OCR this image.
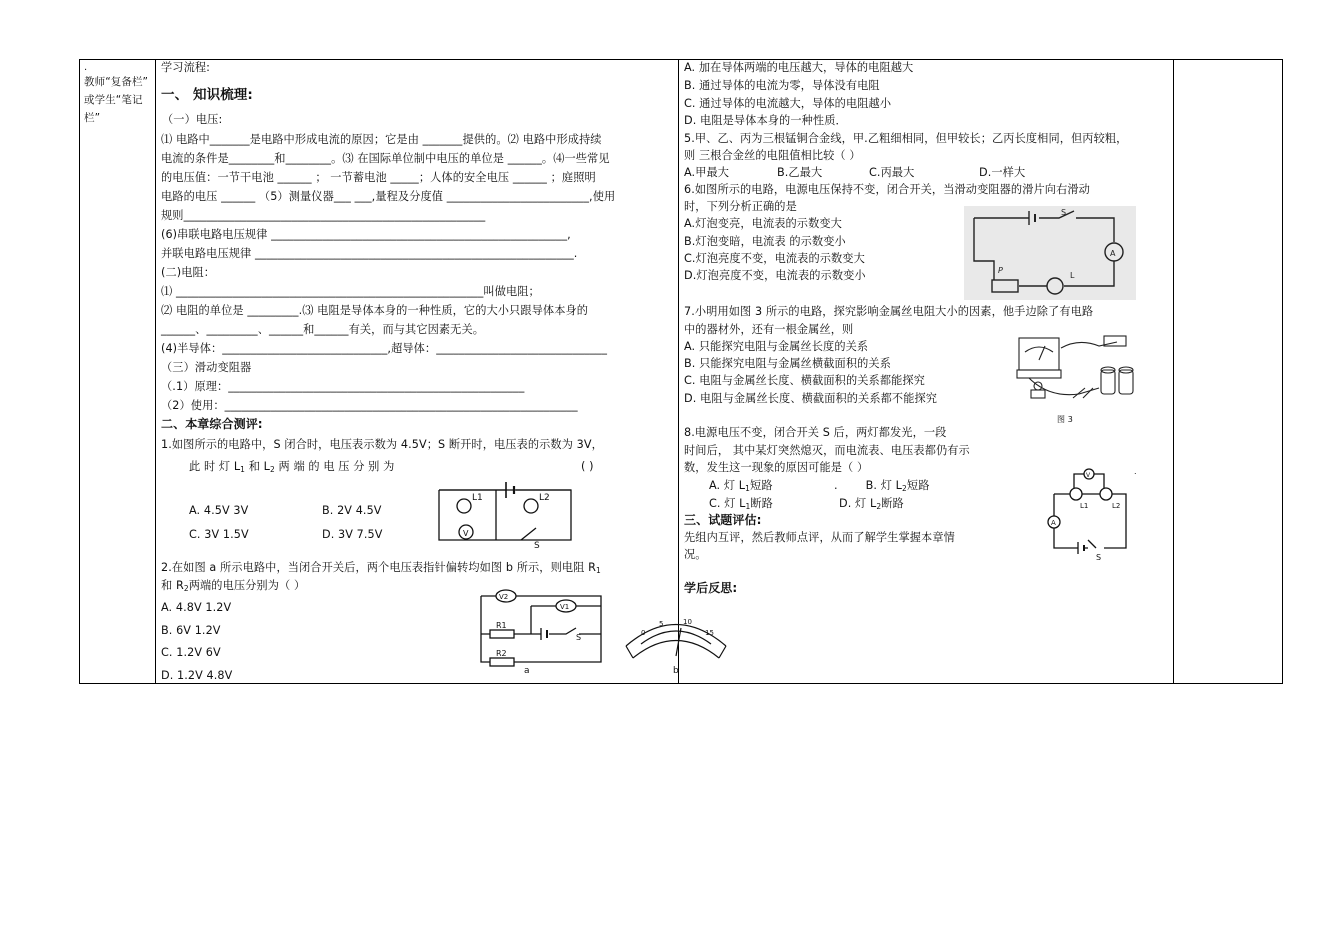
.
教师“复备栏”
或学生“笔记
栏”
学习流程:
一、 知识梳理:
（一）电压:
⑴ 电路中_______是电路中形成电流的原因；它是由 _______提供的。⑵ 电路中形成持续
电流的条件是________和________。⑶ 在国际单位制中电压的单位是 ______。⑷一些常见
的电压值：一节干电池 ______ ； 一节蓄电池 _____；人体的安全电压 ______ ；庭照明
电路的电压 ______ （5）测量仪器___ ___,量程及分度值 _________________________,使用
规则_____________________________________________________
(6)串联电路电压规律 ____________________________________________________,
并联电路电压规律 ________________________________________________________.
(二)电阻：
⑴ ______________________________________________________叫做电阻；
⑵ 电阻的单位是 _________.⑶ 电阻是导体本身的一种性质，它的大小只跟导体本身的
______、_________、______和______有关，而与其它因素无关。
(4)半导体：_____________________________,超导体：______________________________
（三）滑动变阻器
（.1）原理：____________________________________________________
（2）使用：______________________________________________________________
二、本章综合测评:
1.如图所示的电路中，S 闭合时，电压表示数为 4.5V；S 断开时，电压表的示数为 3V，
此 时 灯 $L_1$ 和 $L_2$ 两 端 的 电 压 分 别 为	( )
A. 4.5V 3V	B. 2V 4.5V
C. 3V 1.5V	D. 3V 7.5V
L1	L2
V
S
2.在如图 a 所示电路中，当闭合开关后，两个电压表指针偏转均如图 b 所示，则电阻 $R_1$
和 $R_2$两端的电压分别为（ ）
A. 4.8V 1.2V
B. 6V 1.2V
C. 1.2V 6V
D. 1.2V 4.8V
V2
V1
R1
R2
S
a
0
5	10
15
b
A. 加在导体两端的电压越大，导体的电阻越大
B. 通过导体的电流为零，导体没有电阻
C. 通过导体的电流越大，导体的电阻越小
D. 电阻是导体本身的一种性质．
5.甲、乙、丙为三根锰铜合金线，甲.乙粗细相同，但甲较长；乙丙长度相同，但丙较粗，
则 三根合金丝的电阻值相比较（ ）
A.甲最大	B.乙最大	C.丙最大	D.一样大
6.如图所示的电路，电源电压保持不变，闭合开关，当滑动变阻器的滑片向右滑动
时，下列分析正确的是
A.灯泡变亮，电流表的示数变大
B.灯泡变暗，电流表 的示数变小
C.灯泡亮度不变，电流表的示数变大
D.灯泡亮度不变，电流表的示数变小
S
A
L
P
7.小明用如图 3 所示的电路，探究影响金属丝电阻大小的因素，他手边除了有电路
中的器材外，还有一根金属丝，则
A. 只能探究电阻与金属丝长度的关系
B. 只能探究电阻与金属丝横截面积的关系
C. 电阻与金属丝长度、横截面积的关系都能探究
D. 电阻与金属丝长度、横截面积的关系都不能探究
图 3
8.电源电压不变，闭合开关 S 后，两灯都发光，一段
时间后， 其中某灯突然熄灭，而电流表、电压表都仍有示
数，发生这一现象的原因可能是（ ）
A. 灯 $L_1$短路	.	B. 灯 $L_2$短路
C. 灯 $L_1$断路	D. 灯 $L_2$断路
V
A
L1	L2
S
.
三、试题评估:
先组内互评，然后教师点评，从而了解学生掌握本章情
况。
学后反思:
